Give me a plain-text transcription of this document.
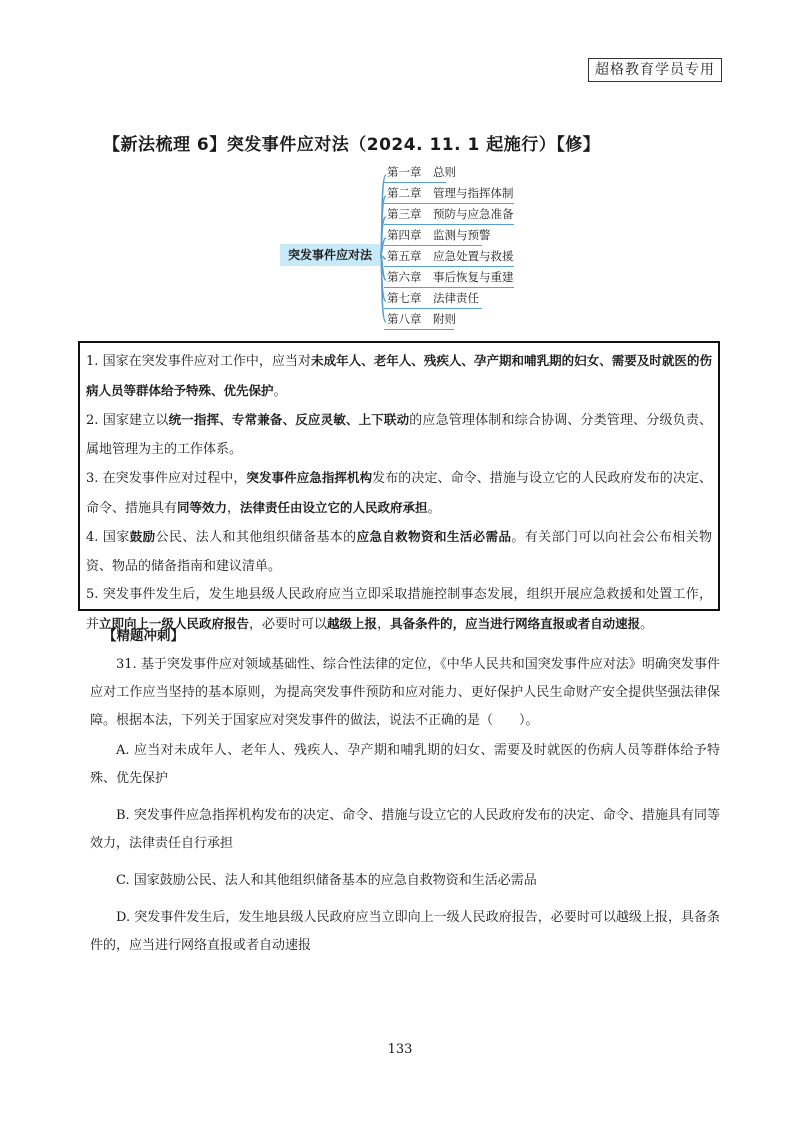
超格教育学员专用
【新法梳理 6】突发事件应对法（2024. 11. 1 起施行）【修】
突发事件应对法
第一章 总则
第二章 管理与指挥体制
第三章 预防与应急准备
第四章 监测与预警
第五章 应急处置与救援
第六章 事后恢复与重建
第七章 法律责任
第八章 附则

1. 国家在突发事件应对工作中，应当对未成年人、老年人、残疾人、孕产期和哺乳期的妇女、需要及时就医的伤病人员等群体给予特殊、优先保护。

2. 国家建立以统一指挥、专常兼备、反应灵敏、上下联动的应急管理体制和综合协调、分类管理、分级负责、属地管理为主的工作体系。

3. 在突发事件应对过程中，突发事件应急指挥机构发布的决定、命令、措施与设立它的人民政府发布的决定、命令、措施具有同等效力，法律责任由设立它的人民政府承担。

4. 国家鼓励公民、法人和其他组织储备基本的应急自救物资和生活必需品。有关部门可以向社会公布相关物资、物品的储备指南和建议清单。

5. 突发事件发生后，发生地县级人民政府应当立即采取措施控制事态发展，组织开展应急救援和处置工作，并立即向上一级人民政府报告，必要时可以越级上报，具备条件的，应当进行网络直报或者自动速报。

【精题冲刺】

31. 基于突发事件应对领域基础性、综合性法律的定位，《中华人民共和国突发事件应对法》明确突发事件应对工作应当坚持的基本原则，为提高突发事件预防和应对能力、更好保护人民生命财产安全提供坚强法律保障。根据本法，下列关于国家应对突发事件的做法，说法不正确的是（　　）。

A. 应当对未成年人、老年人、残疾人、孕产期和哺乳期的妇女、需要及时就医的伤病人员等群体给予特殊、优先保护

B. 突发事件应急指挥机构发布的决定、命令、措施与设立它的人民政府发布的决定、命令、措施具有同等效力，法律责任自行承担

C. 国家鼓励公民、法人和其他组织储备基本的应急自救物资和生活必需品

D. 突发事件发生后，发生地县级人民政府应当立即向上一级人民政府报告，必要时可以越级上报，具备条件的，应当进行网络直报或者自动速报

133
